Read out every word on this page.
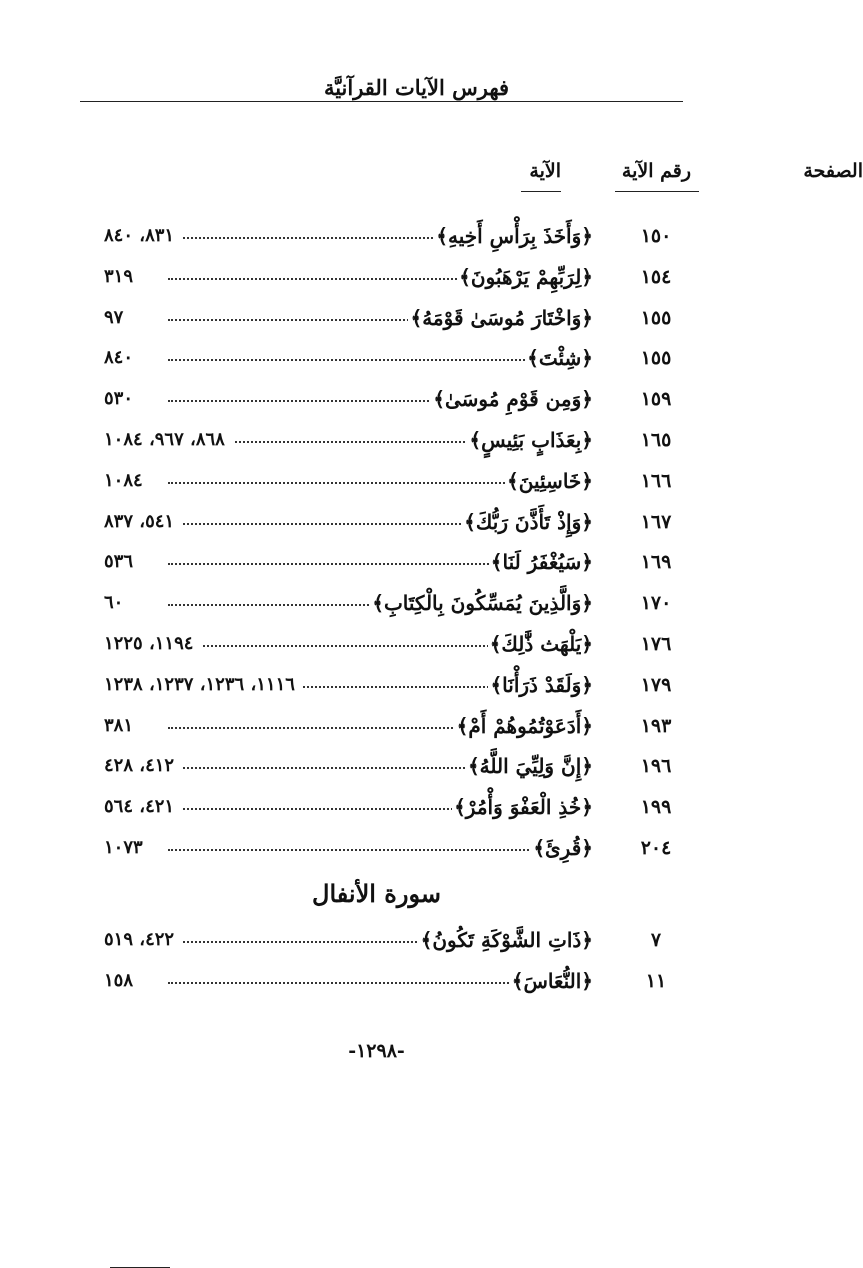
فهرس الآيات القرآنيَّة
رقم الآية
الآية	الصفحة
١٥٠
﴿وَأَخَذَ بِرَأْسِ أَخِيهِ﴾
٨٣١، ٨٤٠
١٥٤
﴿لِرَبِّهِمْ يَرْهَبُونَ﴾
٣١٩
١٥٥
﴿وَاخْتَارَ مُوسَىٰ قَوْمَهُ﴾
٩٧
١٥٥
﴿شِئْتَ﴾
٨٤٠
١٥٩
﴿وَمِن قَوْمِ مُوسَىٰ﴾
٥٣٠
١٦٥
﴿بِعَذَابٍ بَئِيسٍ﴾
٨٦٨، ٩٦٧، ١٠٨٤
١٦٦
﴿خَاسِئِينَ﴾
١٠٨٤
١٦٧
﴿وَإِذْ تَأَذَّنَ رَبُّكَ﴾
٥٤١، ٨٣٧
١٦٩
﴿سَيُغْفَرُ لَنَا﴾
٥٣٦
١٧٠
﴿وَالَّذِينَ يُمَسِّكُونَ بِالْكِتَابِ﴾
٦٠
١٧٦
﴿يَلْهَث ذَّٰلِكَ﴾
١١٩٤، ١٢٢٥
١٧٩
﴿وَلَقَدْ ذَرَأْنَا﴾
١١١٦، ١٢٣٦، ١٢٣٧، ١٢٣٨
١٩٣
﴿أَدَعَوْتُمُوهُمْ أَمْ﴾
٣٨١
١٩٦
﴿إِنَّ وَلِيِّيَ اللَّهُ﴾
٤١٢، ٤٢٨
١٩٩
﴿خُذِ الْعَفْوَ وَأْمُرْ﴾
٤٢١، ٥٦٤
٢٠٤
﴿قُرِئَ﴾
١٠٧٣
سورة الأنفال
٧
﴿ذَاتِ الشَّوْكَةِ تَكُونُ﴾
٤٢٢، ٥١٩
١١
﴿النُّعَاسَ﴾
١٥٨
-١٢٩٨-
